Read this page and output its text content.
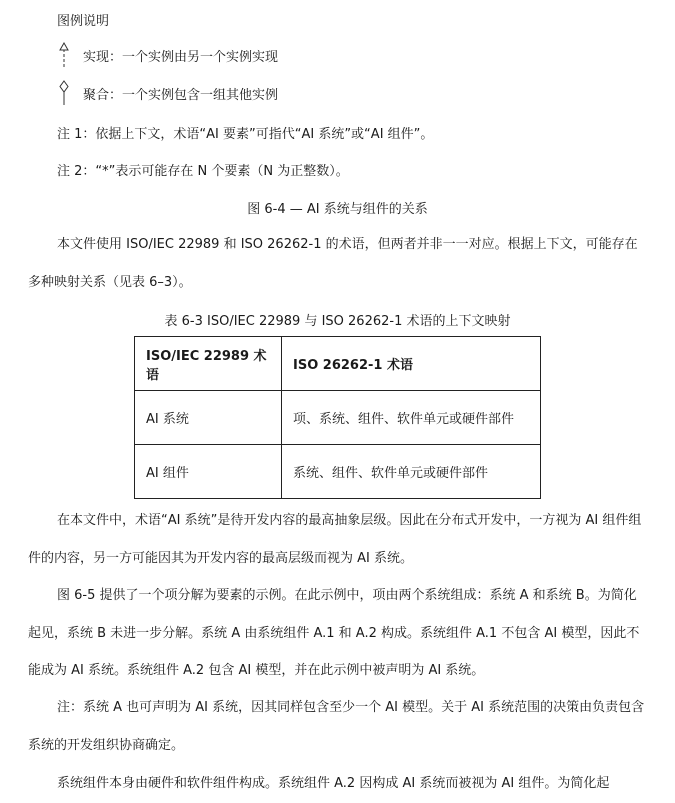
图例说明
实现：一个实例由另一个实例实现
聚合：一个实例包含一组其他实例
注 1：依据上下文，术语“AI 要素”可指代“AI 系统”或“AI 组件”。
注 2：“*”表示可能存在 N 个要素（N 为正整数）。
图 6-4 — AI 系统与组件的关系
本文件使用 ISO/IEC 22989 和 ISO 26262-1 的术语，但两者并非一一对应。根据上下文，可能存在多种映射关系（见表 6–3）。
表 6-3 ISO/IEC 22989 与 ISO 26262-1 术语的上下文映射
ISO/IEC 22989 术语	ISO 26262-1 术语
AI 系统	项、系统、组件、软件单元或硬件部件
AI 组件	系统、组件、软件单元或硬件部件
在本文件中，术语“AI 系统”是待开发内容的最高抽象层级。因此在分布式开发中，一方视为 AI 组件组件的内容，另一方可能因其为开发内容的最高层级而视为 AI 系统。
图 6-5 提供了一个项分解为要素的示例。在此示例中，项由两个系统组成：系统 A 和系统 B。为简化起见，系统 B 未进一步分解。系统 A 由系统组件 A.1 和 A.2 构成。系统组件 A.1 不包含 AI 模型，因此不能成为 AI 系统。系统组件 A.2 包含 AI 模型，并在此示例中被声明为 AI 系统。
注：系统 A 也可声明为 AI 系统，因其同样包含至少一个 AI 模型。关于 AI 系统范围的决策由负责包含系统的开发组织协商确定。
系统组件本身由硬件和软件组件构成。系统组件 A.2 因构成 AI 系统而被视为 AI 组件。为简化起
